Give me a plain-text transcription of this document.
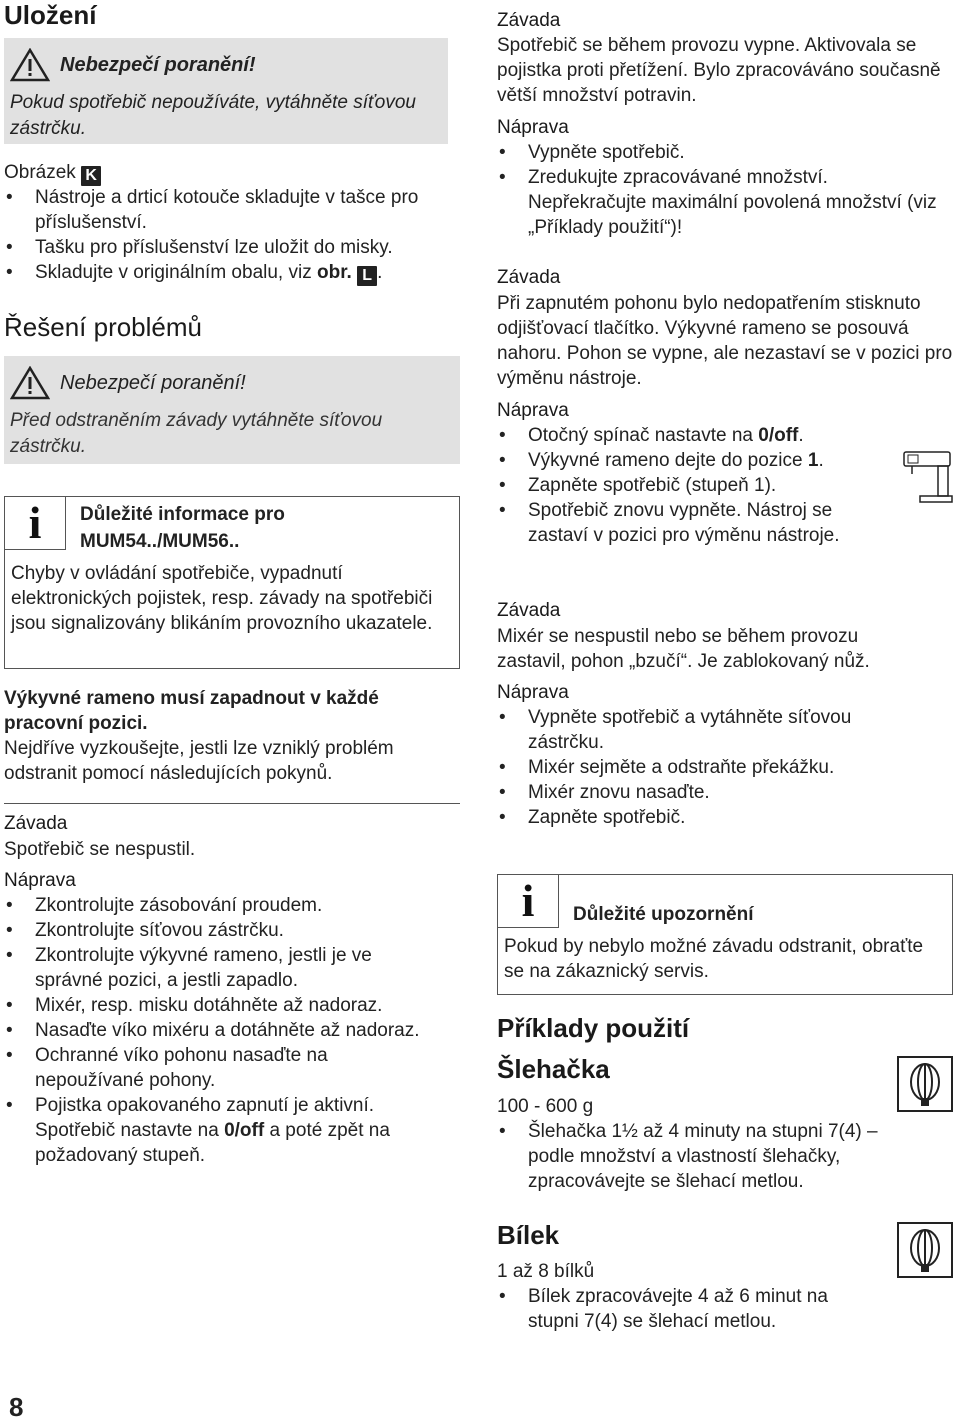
Uložení
Nebezpečí poranění!
Pokud spotřebič nepoužíváte, vytáhněte síťovou zástrčku.
Obrázek K
• Nástroje a drticí kotouče skladujte v tašce pro příslušenství.
• Tašku pro příslušenství lze uložit do misky.
• Skladujte v originálním obalu, viz obr. L .
Řešení problémů
Nebezpečí poranění!
Před odstraněním závady vytáhněte síťovou zástrčku.
i	Důležité informace pro MUM54../MUM56..
Chyby v ovládání spotřebiče, vypadnutí elektronických pojistek, resp. závady na spotřebiči jsou signalizovány blikáním provozního ukazatele.
Výkyvné rameno musí zapadnout v každé pracovní pozici.
Nejdříve vyzkoušejte, jestli lze vzniklý problém odstranit pomocí následujících pokynů.
Závada
Spotřebič se nespustil.
Náprava
• Zkontrolujte zásobování proudem.
• Zkontrolujte síťovou zástrčku.
• Zkontrolujte výkyvné rameno, jestli je ve správné pozici, a jestli zapadlo.
• Mixér, resp. misku dotáhněte až nadoraz.
• Nasaďte víko mixéru a dotáhněte až nadoraz.
• Ochranné víko pohonu nasaďte na nepoužívané pohony.
• Pojistka opakovaného zapnutí je aktivní. Spotřebič nastavte na 0/off a poté zpět na požadovaný stupeň.
8
Závada
Spotřebič se během provozu vypne. Aktivovala se pojistka proti přetížení. Bylo zpracováváno současně větší množství potravin.
Náprava
• Vypněte spotřebič.
• Zredukujte zpracovávané množství. Nepřekračujte maximální povolená množství (viz „Příklady použití“)!
Závada
Při zapnutém pohonu bylo nedopatřením stisknuto odjišťovací tlačítko. Výkyvné rameno se posouvá nahoru. Pohon se vypne, ale nezastaví se v pozici pro výměnu nástroje.
Náprava
• Otočný spínač nastavte na 0/off.
• Výkyvné rameno dejte do pozice 1.
• Zapněte spotřebič (stupeň 1).
• Spotřebič znovu vypněte. Nástroj se zastaví v pozici pro výměnu nástroje.
Závada
Mixér se nespustil nebo se během provozu zastavil, pohon „bzučí“. Je zablokovaný nůž.
Náprava
• Vypněte spotřebič a vytáhněte síťovou zástrčku.
• Mixér sejměte a odstraňte překážku.
• Mixér znovu nasaďte.
• Zapněte spotřebič.
i	Důležité upozornění
Pokud by nebylo možné závadu odstranit, obraťte se na zákaznický servis.
Příklady použití
Šlehačka
100 - 600 g
• Šlehačka 1½ až 4 minuty na stupni 7(4) – podle množství a vlastností šlehačky, zpracovávejte se šlehací metlou.
Bílek
1 až 8 bílků
• Bílek zpracovávejte 4 až 6 minut na stupni 7(4) se šlehací metlou.
